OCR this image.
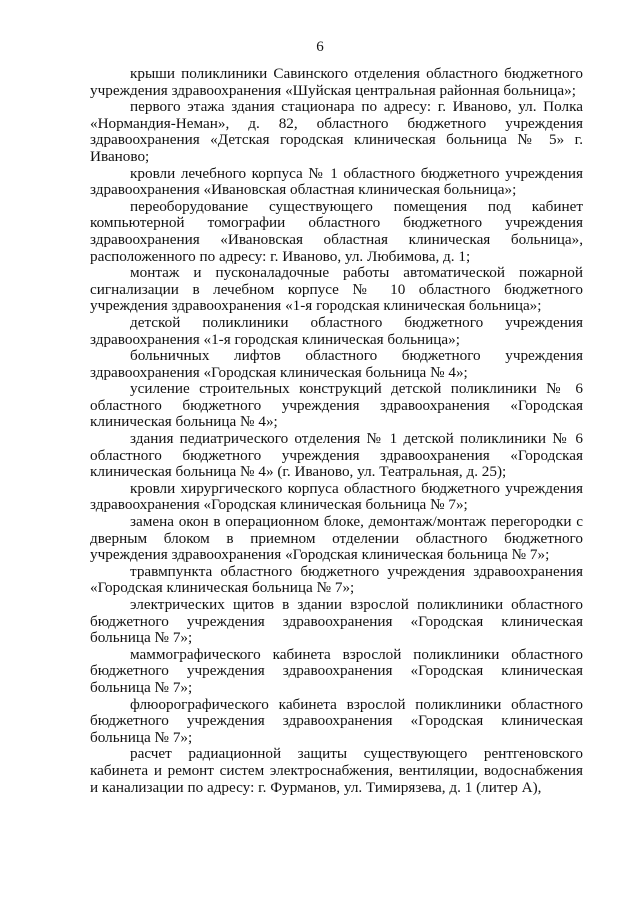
6

крыши поликлиники Савинского отделения областного бюджетного учреждения здравоохранения «Шуйская центральная районная больница»;

первого этажа здания стационара по адресу: г. Иваново, ул. Полка «Нормандия-Неман», д. 82, областного бюджетного учреждения здравоохранения «Детская городская клиническая больница № 5» г. Иваново;

кровли лечебного корпуса № 1 областного бюджетного учреждения здравоохранения «Ивановская областная клиническая больница»;

переоборудование существующего помещения под кабинет компьютерной томографии областного бюджетного учреждения здравоохранения «Ивановская областная клиническая больница», расположенного по адресу: г. Иваново, ул. Любимова, д. 1;

монтаж и пусконаладочные работы автоматической пожарной сигнализации в лечебном корпусе № 10 областного бюджетного учреждения здравоохранения «1-я городская клиническая больница»;

детской поликлиники областного бюджетного учреждения здравоохранения «1-я городская клиническая больница»;

больничных лифтов областного бюджетного учреждения здравоохранения «Городская клиническая больница № 4»;

усиление строительных конструкций детской поликлиники № 6 областного бюджетного учреждения здравоохранения «Городская клиническая больница № 4»;

здания педиатрического отделения № 1 детской поликлиники № 6 областного бюджетного учреждения здравоохранения «Городская клиническая больница № 4» (г. Иваново, ул. Театральная, д. 25);

кровли хирургического корпуса областного бюджетного учреждения здравоохранения «Городская клиническая больница № 7»;

замена окон в операционном блоке, демонтаж/монтаж перегородки с дверным блоком в приемном отделении областного бюджетного учреждения здравоохранения «Городская клиническая больница № 7»;

травмпункта областного бюджетного учреждения здравоохранения «Городская клиническая больница № 7»;

электрических щитов в здании взрослой поликлиники областного бюджетного учреждения здравоохранения «Городская клиническая больница № 7»;

маммографического кабинета взрослой поликлиники областного бюджетного учреждения здравоохранения «Городская клиническая больница № 7»;

флюорографического кабинета взрослой поликлиники областного бюджетного учреждения здравоохранения «Городская клиническая больница № 7»;

расчет радиационной защиты существующего рентгеновского кабинета и ремонт систем электроснабжения, вентиляции, водоснабжения и канализации по адресу: г. Фурманов, ул. Тимирязева, д. 1 (литер А),
